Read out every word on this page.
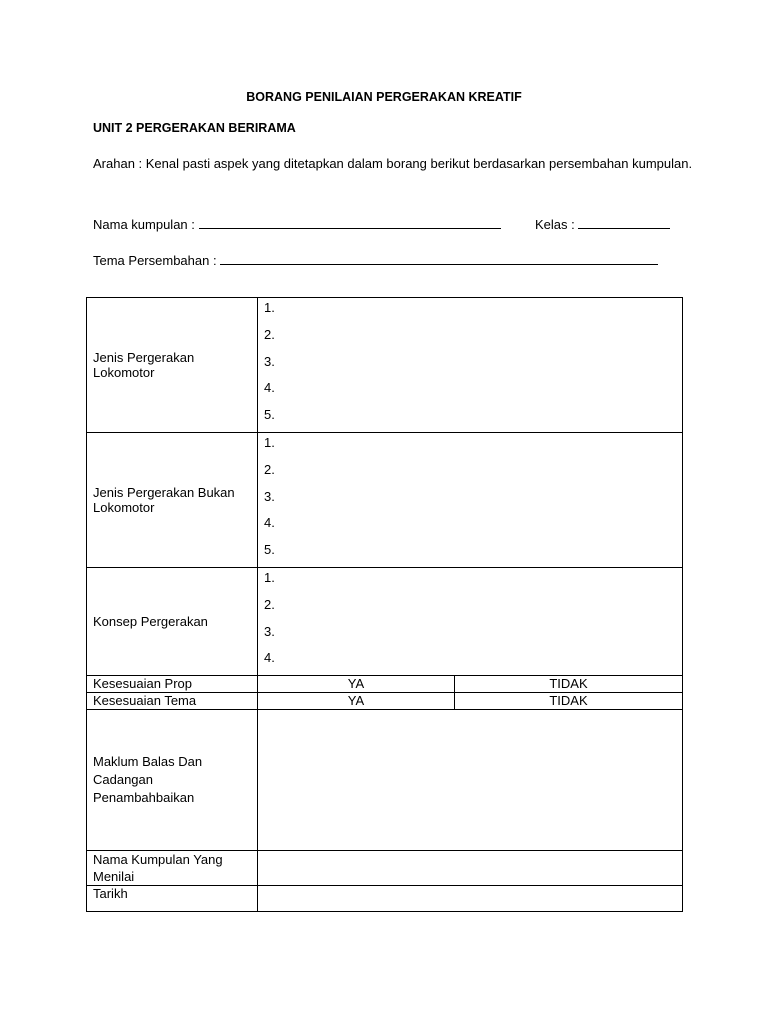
BORANG PENILAIAN PERGERAKAN KREATIF
UNIT 2 PERGERAKAN BERIRAMA
Arahan : Kenal pasti aspek yang ditetapkan dalam borang berikut berdasarkan persembahan kumpulan.
Nama kumpulan :	Kelas :
Tema Persembahan :
Jenis Pergerakan Lokomotor	1.
2.
3.
4.
5.	

Jenis Pergerakan Bukan Lokomotor	1.
2.
3.
4.
5.	

Konsep Pergerakan	1.
2.
3.
4.	

Kesesuaian Prop	YA	TIDAK
Kesesuaian Tema	YA	TIDAK
Maklum Balas Dan Cadangan Penambahbaikan		
Nama Kumpulan Yang Menilai		
Tarikh		
